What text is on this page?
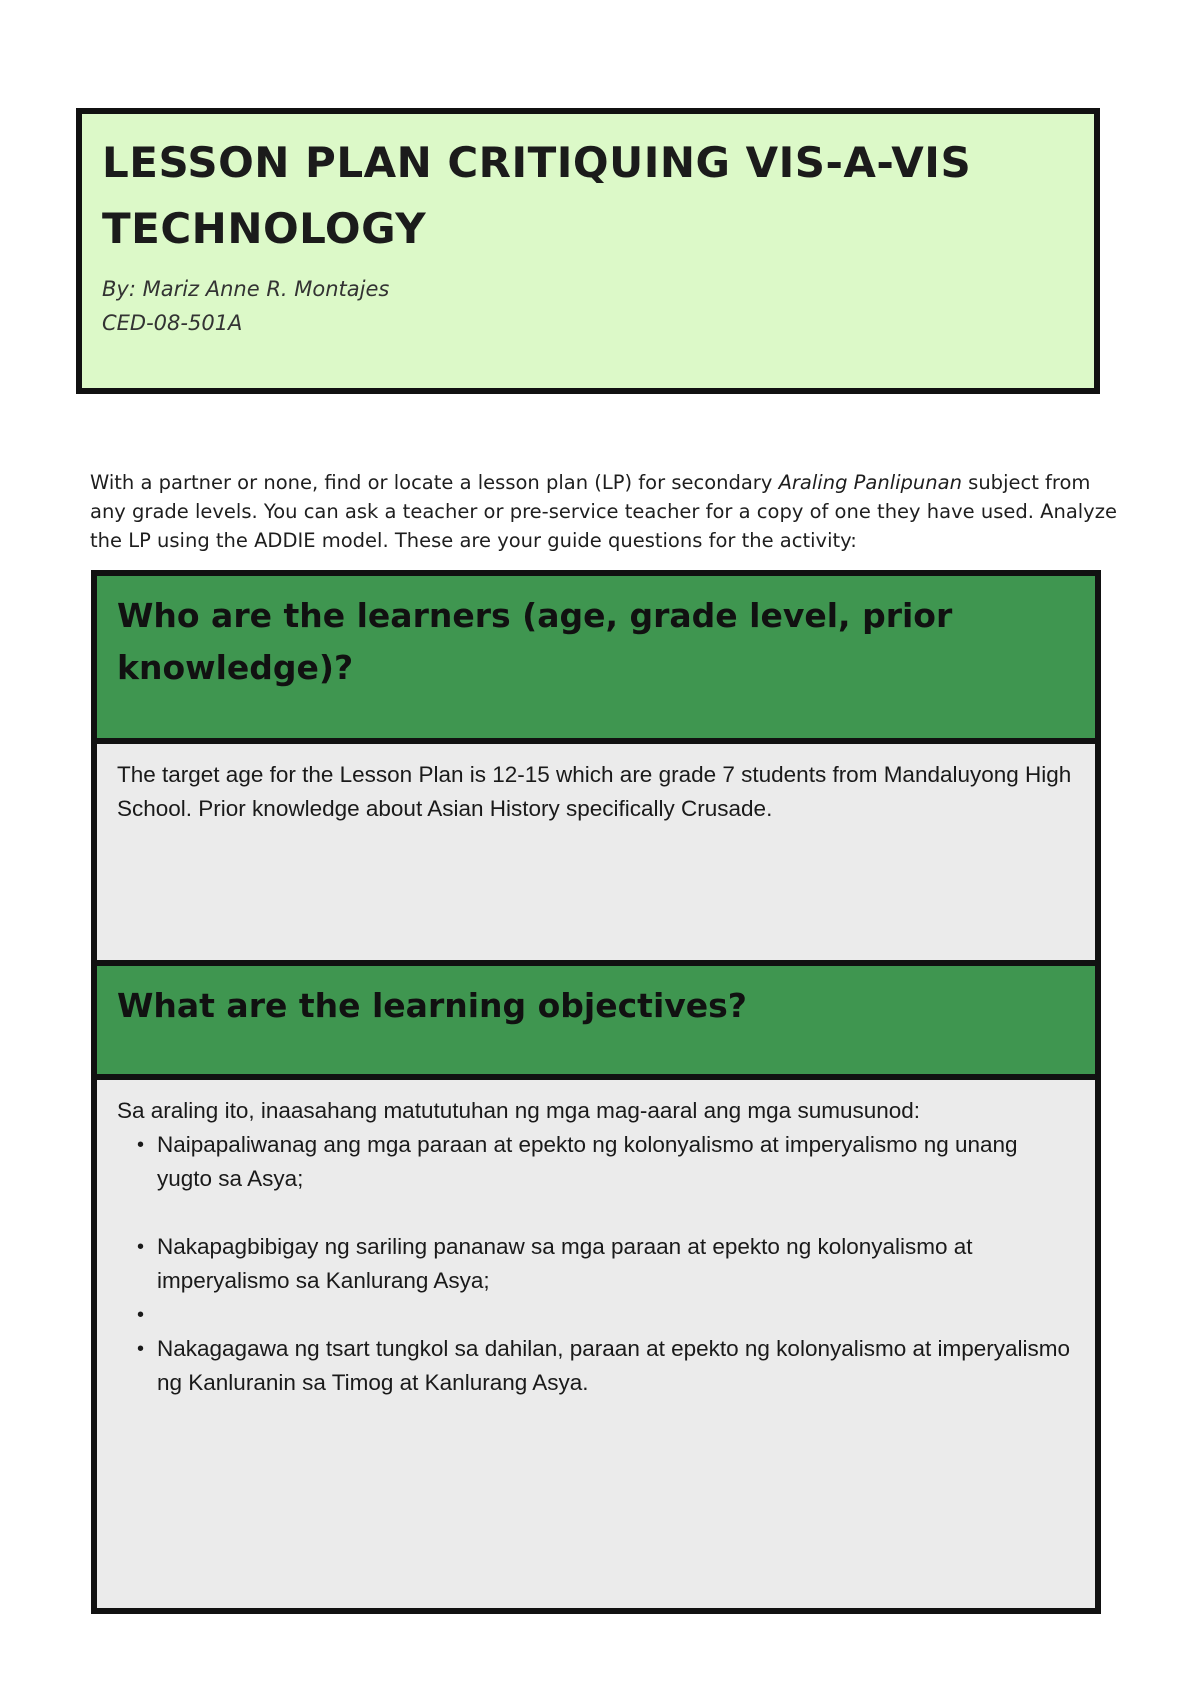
LESSON PLAN CRITIQUING VIS-A-VIS TECHNOLOGY
By: Mariz Anne R. Montajes
CED-08-501A

With a partner or none, find or locate a lesson plan (LP) for secondary Araling Panlipunan subject from any grade levels. You can ask a teacher or pre-service teacher for a copy of one they have used. Analyze the LP using the ADDIE model. These are your guide questions for the activity:

Who are the learners (age, grade level, prior knowledge)?
The target age for the Lesson Plan is 12-15 which are grade 7 students from Mandaluyong High School. Prior knowledge about Asian History specifically Crusade.
What are the learning objectives?
Sa araling ito, inaasahang matututuhan ng mga mag-aaral ang mga sumusunod:
• Naipapaliwanag ang mga paraan at epekto ng kolonyalismo at imperyalismo ng unang yugto sa Asya;
• Nakapagbibigay ng sariling pananaw sa mga paraan at epekto ng kolonyalismo at imperyalismo sa Kanlurang Asya;
•
• Nakagagawa ng tsart tungkol sa dahilan, paraan at epekto ng kolonyalismo at imperyalismo ng Kanluranin sa Timog at Kanlurang Asya.
